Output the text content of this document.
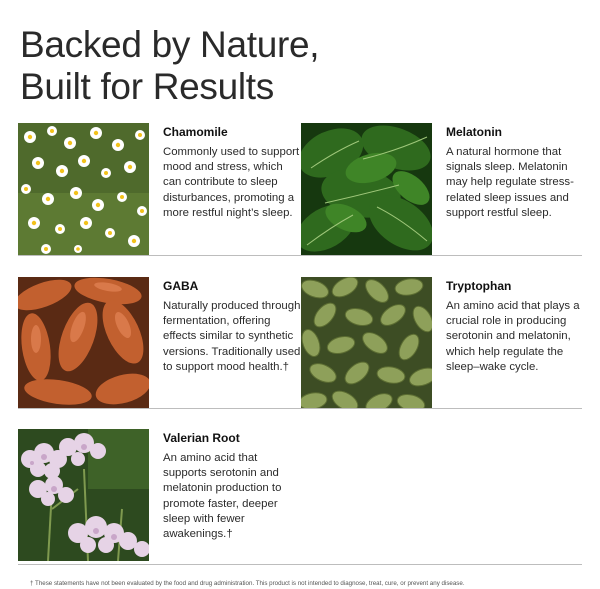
Backed by Nature,
Built for Results
Chamomile
Commonly used to support mood and stress, which can contribute to sleep disturbances, promoting a more restful night’s sleep.
Melatonin
A natural hormone that signals sleep. Melatonin may help regulate stress-related sleep issues and support restful sleep.
GABA
Naturally produced through fermentation, offering effects similar to synthetic versions. Traditionally used to support mood health.†
Tryptophan
An amino acid that plays a crucial role in producing serotonin and melatonin, which help regulate the sleep–wake cycle.
Valerian Root
An amino acid that supports serotonin and melatonin production to promote faster, deeper sleep with fewer awakenings.†
† These statements have not been evaluated by the food and drug administration. This product is not intended to diagnose, treat, cure, or prevent any disease.
